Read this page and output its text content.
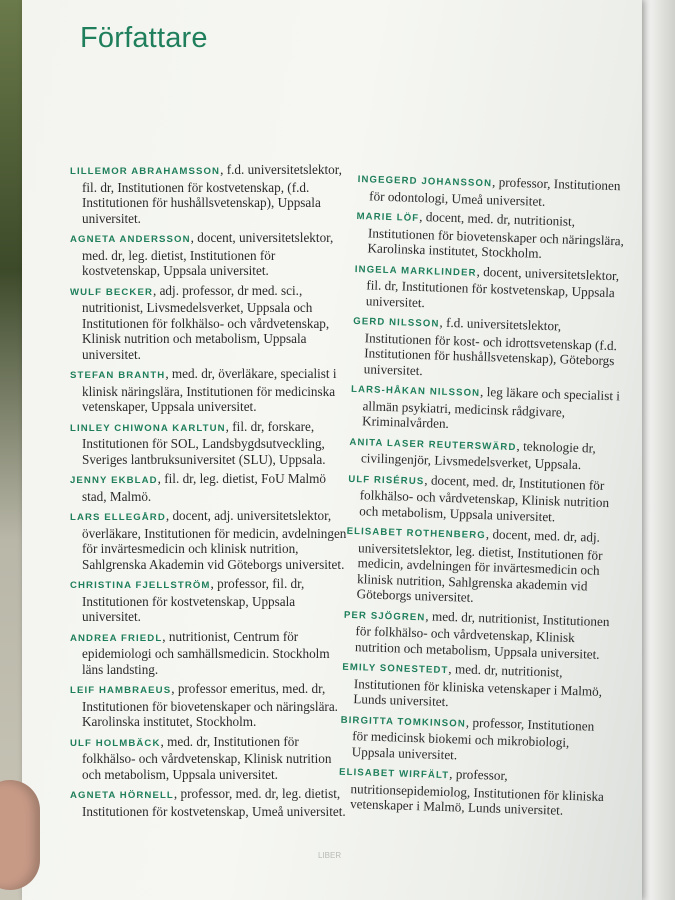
Författare
LILLEMOR ABRAHAMSSON, f.d. universitetslektor, fil. dr, Institutionen för kostvetenskap, (f.d. Institutionen för hushållsvetenskap), Uppsala universitet.
AGNETA ANDERSSON, docent, universitetslektor, med. dr, leg. dietist, Institutionen för kostvetenskap, Uppsala universitet.
WULF BECKER, adj. professor, dr med. sci., nutritionist, Livsmedelsverket, Uppsala och Institutionen för folkhälso- och vårdvetenskap, Klinisk nutrition och metabolism, Uppsala universitet.
STEFAN BRANTH, med. dr, överläkare, specialist i klinisk näringslära, Institutionen för medicinska vetenskaper, Uppsala universitet.
LINLEY CHIWONA KARLTUN, fil. dr, forskare, Institutionen för SOL, Landsbygdsutveckling, Sveriges lantbruksuniversitet (SLU), Uppsala.
JENNY EKBLAD, fil. dr, leg. dietist, FoU Malmö stad, Malmö.
LARS ELLEGÅRD, docent, adj. universitetslektor, överläkare, Institutionen för medicin, avdelningen för invärtesmedicin och klinisk nutrition, Sahlgrenska Akademin vid Göteborgs universitet.
CHRISTINA FJELLSTRÖM, professor, fil. dr, Institutionen för kostvetenskap, Uppsala universitet.
ANDREA FRIEDL, nutritionist, Centrum för epidemiologi och samhällsmedicin. Stockholm läns landsting.
LEIF HAMBRAEUS, professor emeritus, med. dr, Institutionen för biovetenskaper och näringslära. Karolinska institutet, Stockholm.
ULF HOLMBÄCK, med. dr, Institutionen för folkhälso- och vårdvetenskap, Klinisk nutrition och metabolism, Uppsala universitet.
AGNETA HÖRNELL, professor, med. dr, leg. dietist, Institutionen för kostvetenskap, Umeå universitet.
INGEGERD JOHANSSON, professor, Institutionen för odontologi, Umeå universitet.
MARIE LÖF, docent, med. dr, nutritionist, Institutionen för biovetenskaper och näringslära, Karolinska institutet, Stockholm.
INGELA MARKLINDER, docent, universitetslektor, fil. dr, Institutionen för kostvetenskap, Uppsala universitet.
GERD NILSSON, f.d. universitetslektor, Institutionen för kost- och idrottsvetenskap (f.d. Institutionen för hushållsvetenskap), Göteborgs universitet.
LARS-HÅKAN NILSSON, leg läkare och specialist i allmän psykiatri, medicinsk rådgivare, Kriminalvården.
ANITA LASER REUTERSWÄRD, teknologie dr, civilingenjör, Livsmedelsverket, Uppsala.
ULF RISÉRUS, docent, med. dr, Institutionen för folkhälso- och vårdvetenskap, Klinisk nutrition och metabolism, Uppsala universitet.
ELISABET ROTHENBERG, docent, med. dr, adj. universitetslektor, leg. dietist, Institutionen för medicin, avdelningen för invärtesmedicin och klinisk nutrition, Sahlgrenska akademin vid Göteborgs universitet.
PER SJÖGREN, med. dr, nutritionist, Institutionen för folkhälso- och vårdvetenskap, Klinisk nutrition och metabolism, Uppsala universitet.
EMILY SONESTEDT, med. dr, nutritionist, Institutionen för kliniska vetenskaper i Malmö, Lunds universitet.
BIRGITTA TOMKINSON, professor, Institutionen för medicinsk biokemi och mikrobiologi, Uppsala universitet.
ELISABET WIRFÄLT, professor, nutritionsepidemiolog, Institutionen för kliniska vetenskaper i Malmö, Lunds universitet.
LIBER
